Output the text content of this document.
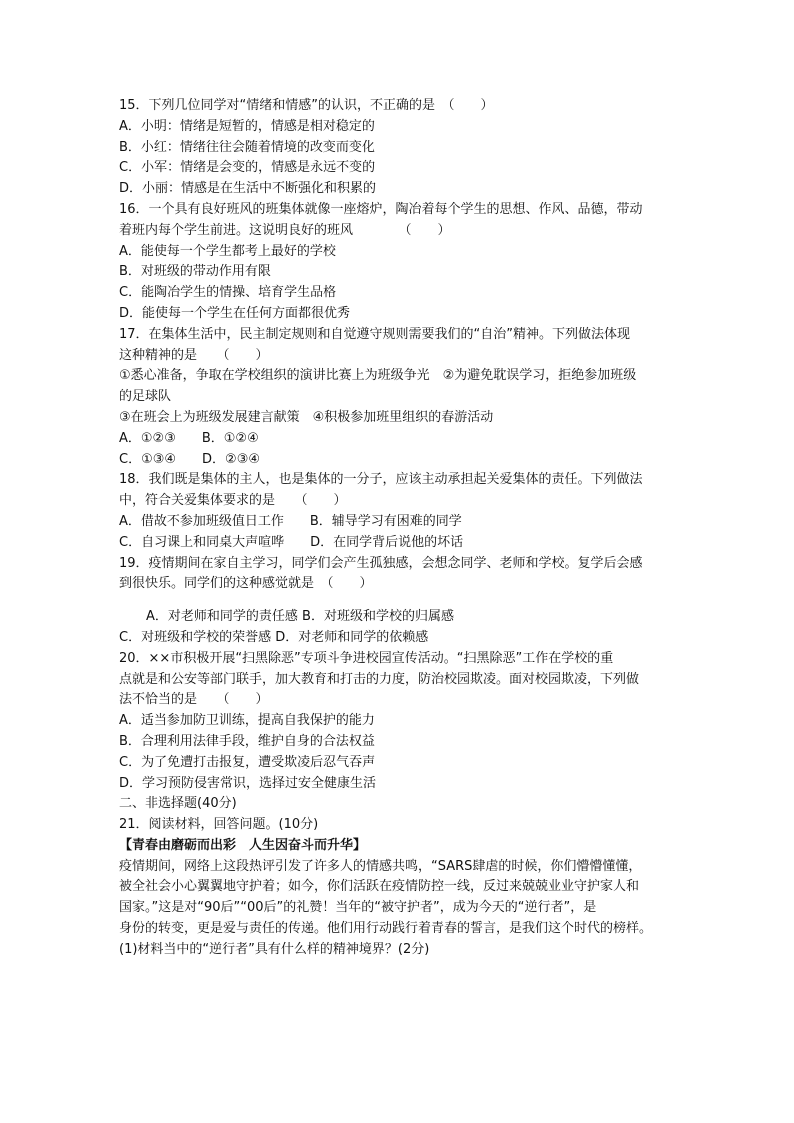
15．下列几位同学对“情绪和情感”的认识，不正确的是　（　　）
A．小明：情绪是短暂的，情感是相对稳定的
B．小红：情绪往往会随着情境的改变而变化
C．小军：情绪是会变的，情感是永远不变的
D．小丽：情感是在生活中不断强化和积累的
16．一个具有良好班风的班集体就像一座熔炉，陶冶着每个学生的思想、作风、品德，带动
着班内每个学生前进。这说明良好的班风　　　　（　　）
A．能使每一个学生都考上最好的学校
B．对班级的带动作用有限
C．能陶冶学生的情操、培育学生品格
D．能使每一个学生在任何方面都很优秀
17．在集体生活中，民主制定规则和自觉遵守规则需要我们的“自治”精神。下列做法体现
这种精神的是　　（　　）
①悉心准备，争取在学校组织的演讲比赛上为班级争光　②为避免耽误学习，拒绝参加班级
的足球队
③在班会上为班级发展建言献策　④积极参加班里组织的春游活动
A．①②③　　B．①②④
C．①③④　　D．②③④
18．我们既是集体的主人，也是集体的一分子，应该主动承担起关爱集体的责任。下列做法
中，符合关爱集体要求的是　　（　　）
A．借故不参加班级值日工作　　B．辅导学习有困难的同学
C．自习课上和同桌大声喧哗　　D．在同学背后说他的坏话
19．疫情期间在家自主学习，同学们会产生孤独感，会想念同学、老师和学校。复学后会感
到很快乐。同学们的这种感觉就是　（　　）
A．对老师和同学的责任感 B．对班级和学校的归属感
C．对班级和学校的荣誉感 D．对老师和同学的依赖感
20．××市积极开展“扫黑除恶”专项斗争进校园宣传活动。“扫黑除恶”工作在学校的重
点就是和公安等部门联手，加大教育和打击的力度，防治校园欺凌。面对校园欺凌，下列做
法不恰当的是　　（　　）
A．适当参加防卫训练，提高自我保护的能力
B．合理利用法律手段，维护自身的合法权益
C．为了免遭打击报复，遭受欺凌后忍气吞声
D．学习预防侵害常识，选择过安全健康生活
二、非选择题(40分)
21．阅读材料，回答问题。(10分)
【青春由磨砺而出彩　人生因奋斗而升华】
疫情期间，网络上这段热评引发了许多人的情感共鸣，“SARS肆虐的时候，你们懵懵懂懂，
被全社会小心翼翼地守护着；如今，你们活跃在疫情防控一线，反过来兢兢业业守护家人和
国家。”这是对“90后”“00后”的礼赞！当年的“被守护者”，成为今天的“逆行者”，是
身份的转变，更是爱与责任的传递。他们用行动践行着青春的誓言，是我们这个时代的榜样。
(1)材料当中的“逆行者”具有什么样的精神境界？(2分)
